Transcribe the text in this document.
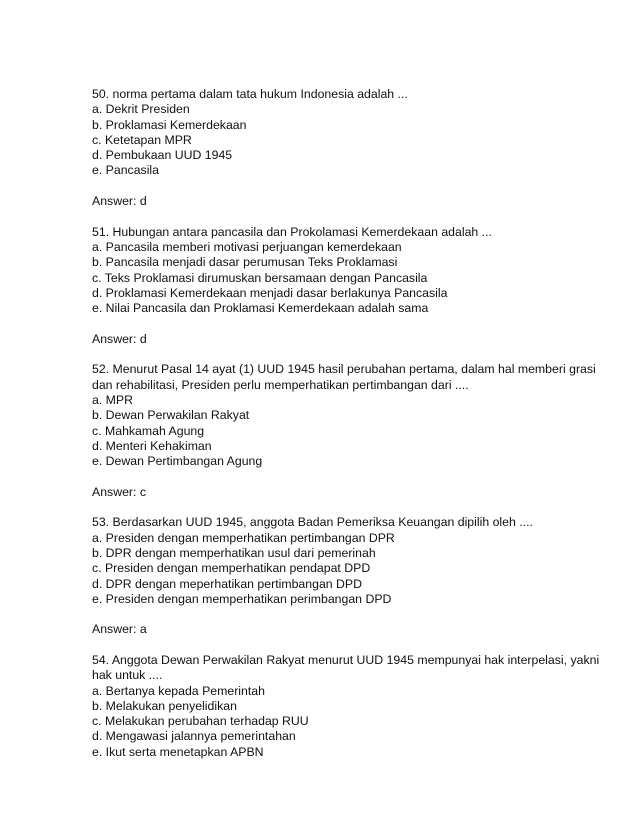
50. norma pertama dalam tata hukum Indonesia adalah ...
a. Dekrit Presiden
b. Proklamasi Kemerdekaan
c. Ketetapan MPR
d. Pembukaan UUD 1945
e. Pancasila
Answer: d
51. Hubungan antara pancasila dan Prokolamasi Kemerdekaan adalah ...
a. Pancasila memberi motivasi perjuangan kemerdekaan
b. Pancasila menjadi dasar perumusan Teks Proklamasi
c. Teks Proklamasi dirumuskan bersamaan dengan Pancasila
d. Proklamasi Kemerdekaan menjadi dasar berlakunya Pancasila
e. Nilai Pancasila dan Proklamasi Kemerdekaan adalah sama
Answer: d
52. Menurut Pasal 14 ayat (1) UUD 1945 hasil perubahan pertama, dalam hal memberi grasi dan rehabilitasi, Presiden perlu memperhatikan pertimbangan dari ....
a. MPR
b. Dewan Perwakilan Rakyat
c. Mahkamah Agung
d. Menteri Kehakiman
e. Dewan Pertimbangan Agung
Answer: c
53. Berdasarkan UUD 1945, anggota Badan Pemeriksa Keuangan dipilih oleh ....
a. Presiden dengan memperhatikan pertimbangan DPR
b. DPR dengan memperhatikan usul dari pemerinah
c. Presiden dengan memperhatikan pendapat DPD
d. DPR dengan meperhatikan pertimbangan DPD
e. Presiden dengan memperhatikan perimbangan DPD
Answer: a
54. Anggota Dewan Perwakilan Rakyat menurut UUD 1945 mempunyai hak interpelasi, yakni hak untuk ....
a. Bertanya kepada Pemerintah
b. Melakukan penyelidikan
c. Melakukan perubahan terhadap RUU
d. Mengawasi jalannya pemerintahan
e. Ikut serta menetapkan APBN
